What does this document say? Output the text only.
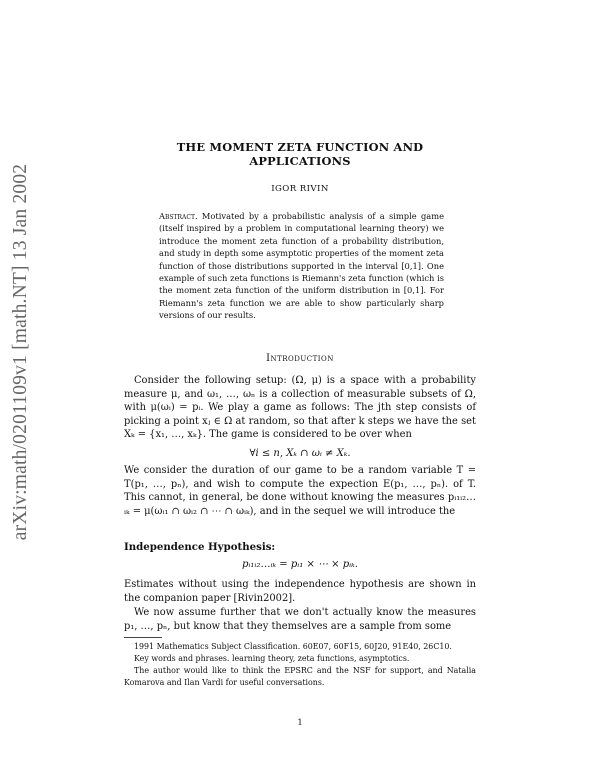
arXiv:math/0201109v1 [math.NT] 13 Jan 2002
THE MOMENT ZETA FUNCTION AND
APPLICATIONS
IGOR RIVIN
Abstract. Motivated by a probabilistic analysis of a simple game (itself inspired by a problem in computational learning theory) we introduce the moment zeta function of a probability distribution, and study in depth some asymptotic properties of the moment zeta function of those distributions supported in the interval [0,1]. One example of such zeta functions is Riemann's zeta function (which is the moment zeta function of the uniform distribution in [0,1]. For Riemann's zeta function we are able to show particularly sharp versions of our results.
Introduction
Consider the following setup: (Ω, μ) is a space with a probability measure μ, and ω₁, …, ωₙ is a collection of measurable subsets of Ω, with μ(ωᵢ) = pᵢ. We play a game as follows: The jth step consists of picking a point xⱼ ∈ Ω at random, so that after k steps we have the set Xₖ = {x₁, …, xₖ}. The game is considered to be over when
∀i ≤ n, Xₖ ∩ ωᵢ ≠ Xₖ.
We consider the duration of our game to be a random variable T = T(p₁, …, pₙ), and wish to compute the expection E(p₁, …, pₙ). of T. This cannot, in general, be done without knowing the measures pᵢ₁ᵢ₂…ᵢₖ = μ(ωᵢ₁ ∩ ωᵢ₂ ∩ ⋯ ∩ ωᵢₖ), and in the sequel we will introduce the
Independence Hypothesis:
pᵢ₁ᵢ₂…ᵢₖ = pᵢ₁ × ⋯ × pᵢₖ.
Estimates without using the independence hypothesis are shown in the companion paper [Rivin2002].
We now assume further that we don't actually know the measures p₁, …, pₙ, but know that they themselves are a sample from some
1991 Mathematics Subject Classification. 60E07, 60F15, 60J20, 91E40, 26C10.
Key words and phrases. learning theory, zeta functions, asymptotics.
The author would like to think the EPSRC and the NSF for support, and Natalia Komarova and Ilan Vardi for useful conversations.
1
